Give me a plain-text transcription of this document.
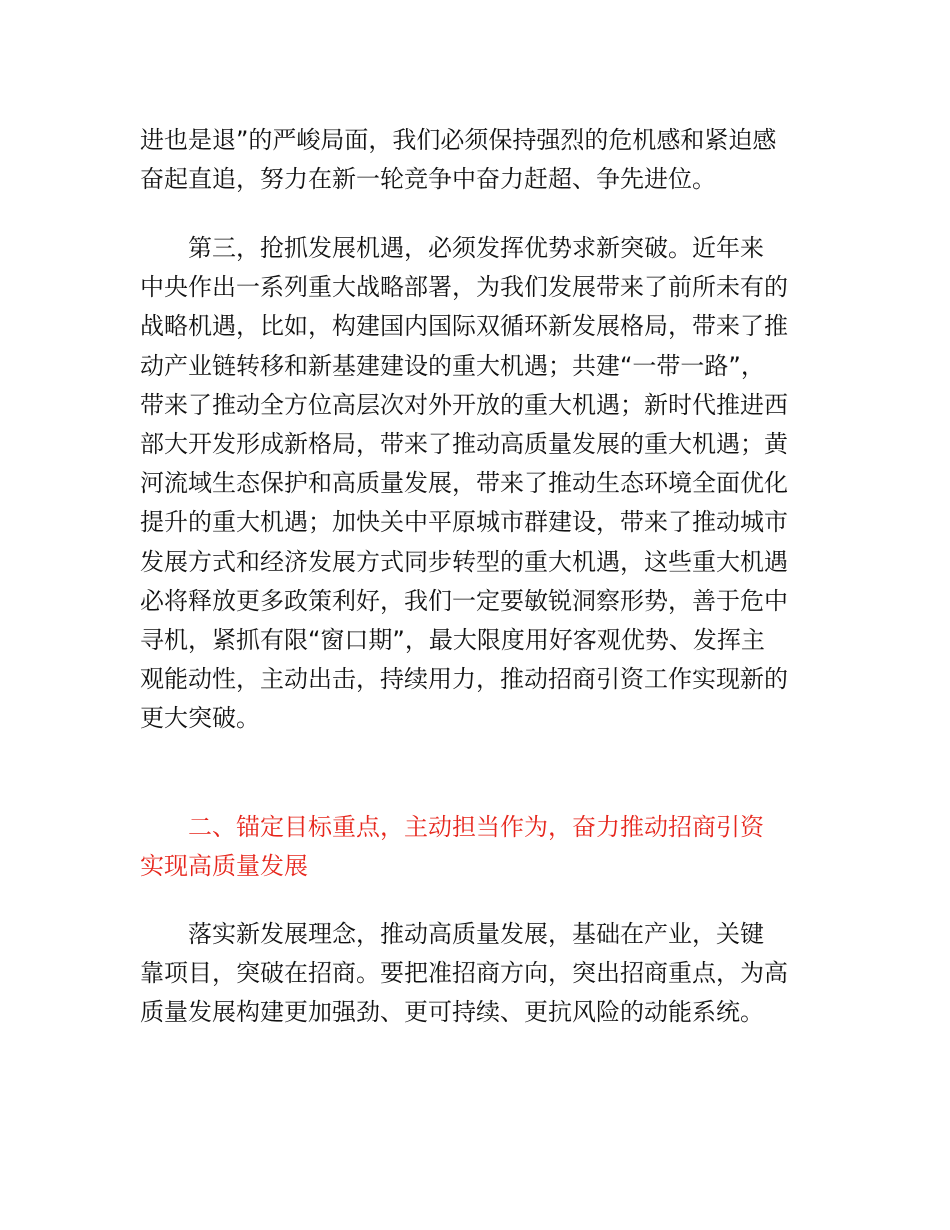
进也是退”的严峻局面，我们必须保持强烈的危机感和紧迫感
奋起直追，努力在新一轮竞争中奋力赶超、争先进位。
第三，抢抓发展机遇，必须发挥优势求新突破。近年来
中央作出一系列重大战略部署，为我们发展带来了前所未有的
战略机遇，比如，构建国内国际双循环新发展格局，带来了推
动产业链转移和新基建建设的重大机遇；共建“一带一路”，
带来了推动全方位高层次对外开放的重大机遇；新时代推进西
部大开发形成新格局，带来了推动高质量发展的重大机遇；黄
河流域生态保护和高质量发展，带来了推动生态环境全面优化
提升的重大机遇；加快关中平原城市群建设，带来了推动城市
发展方式和经济发展方式同步转型的重大机遇，这些重大机遇
必将释放更多政策利好，我们一定要敏锐洞察形势，善于危中
寻机，紧抓有限“窗口期”，最大限度用好客观优势、发挥主
观能动性，主动出击，持续用力，推动招商引资工作实现新的
更大突破。
二、锚定目标重点，主动担当作为，奋力推动招商引资
实现高质量发展
落实新发展理念，推动高质量发展，基础在产业，关键
靠项目，突破在招商。要把准招商方向，突出招商重点，为高
质量发展构建更加强劲、更可持续、更抗风险的动能系统。
